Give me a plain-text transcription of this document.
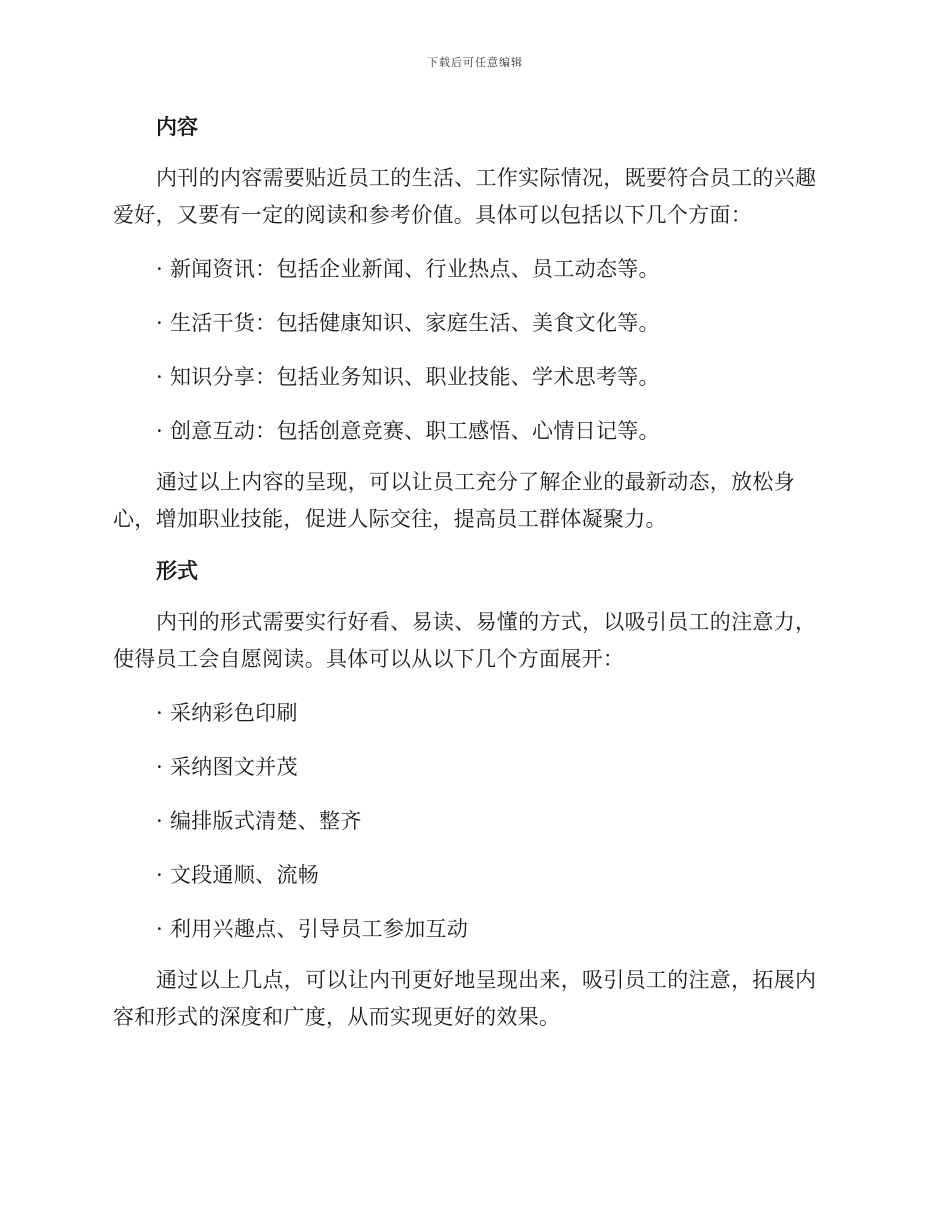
下载后可任意编辑
内容

内刊的内容需要贴近员工的生活、工作实际情况，既要符合员工的兴趣爱好，又要有一定的阅读和参考价值。具体可以包括以下几个方面：

· 新闻资讯：包括企业新闻、行业热点、员工动态等。
· 生活干货：包括健康知识、家庭生活、美食文化等。
· 知识分享：包括业务知识、职业技能、学术思考等。
· 创意互动：包括创意竞赛、职工感悟、心情日记等。

通过以上内容的呈现，可以让员工充分了解企业的最新动态，放松身心，增加职业技能，促进人际交往，提高员工群体凝聚力。

形式

内刊的形式需要实行好看、易读、易懂的方式，以吸引员工的注意力，使得员工会自愿阅读。具体可以从以下几个方面展开：

· 采纳彩色印刷
· 采纳图文并茂
· 编排版式清楚、整齐
· 文段通顺、流畅
· 利用兴趣点、引导员工参加互动

通过以上几点，可以让内刊更好地呈现出来，吸引员工的注意，拓展内容和形式的深度和广度，从而实现更好的效果。
